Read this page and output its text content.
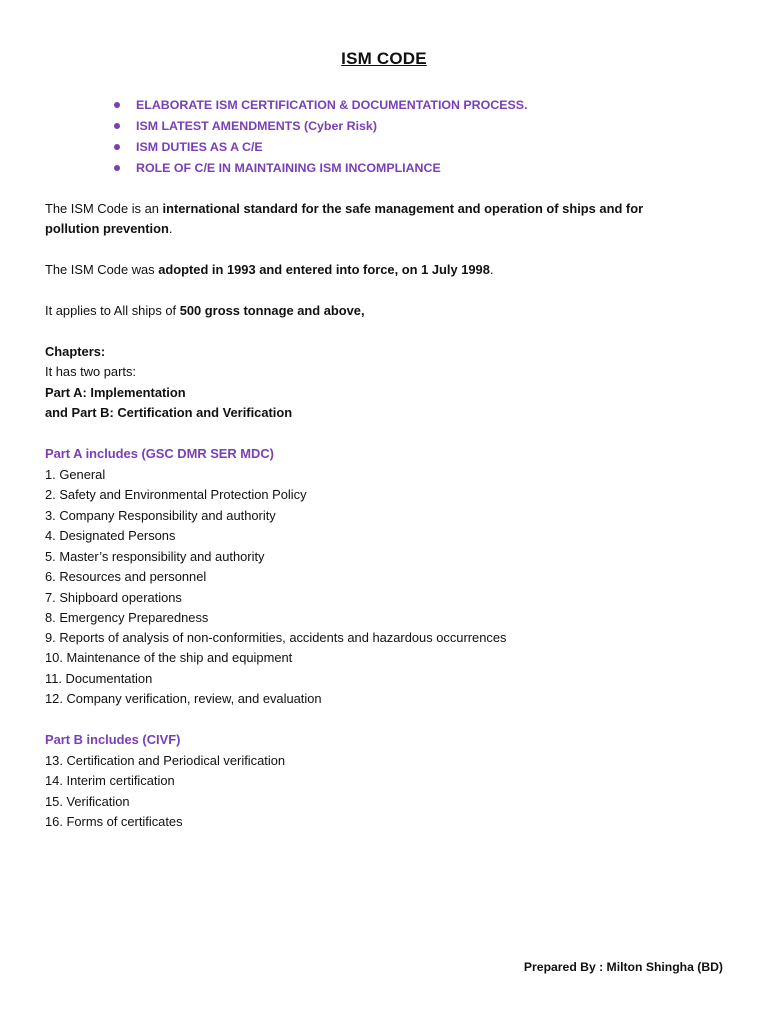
ISM CODE
ELABORATE ISM CERTIFICATION & DOCUMENTATION PROCESS.
ISM LATEST AMENDMENTS (Cyber Risk)
ISM DUTIES AS A C/E
ROLE OF C/E IN MAINTAINING ISM INCOMPLIANCE
The ISM Code is an international standard for the safe management and operation of ships and for
pollution prevention.
The ISM Code was adopted in 1993 and entered into force, on 1 July 1998.
It applies to All ships of 500 gross tonnage and above,
Chapters:
It has two parts:
Part A: Implementation
and Part B: Certification and Verification
Part A includes (GSC DMR SER MDC)
1. General
2. Safety and Environmental Protection Policy
3. Company Responsibility and authority
4. Designated Persons
5. Master’s responsibility and authority
6. Resources and personnel
7. Shipboard operations
8. Emergency Preparedness
9. Reports of analysis of non-conformities, accidents and hazardous occurrences
10. Maintenance of the ship and equipment
11. Documentation
12. Company verification, review, and evaluation
Part B includes (CIVF)
13. Certification and Periodical verification
14. Interim certification
15. Verification
16. Forms of certificates
Prepared By : Milton Shingha (BD)
